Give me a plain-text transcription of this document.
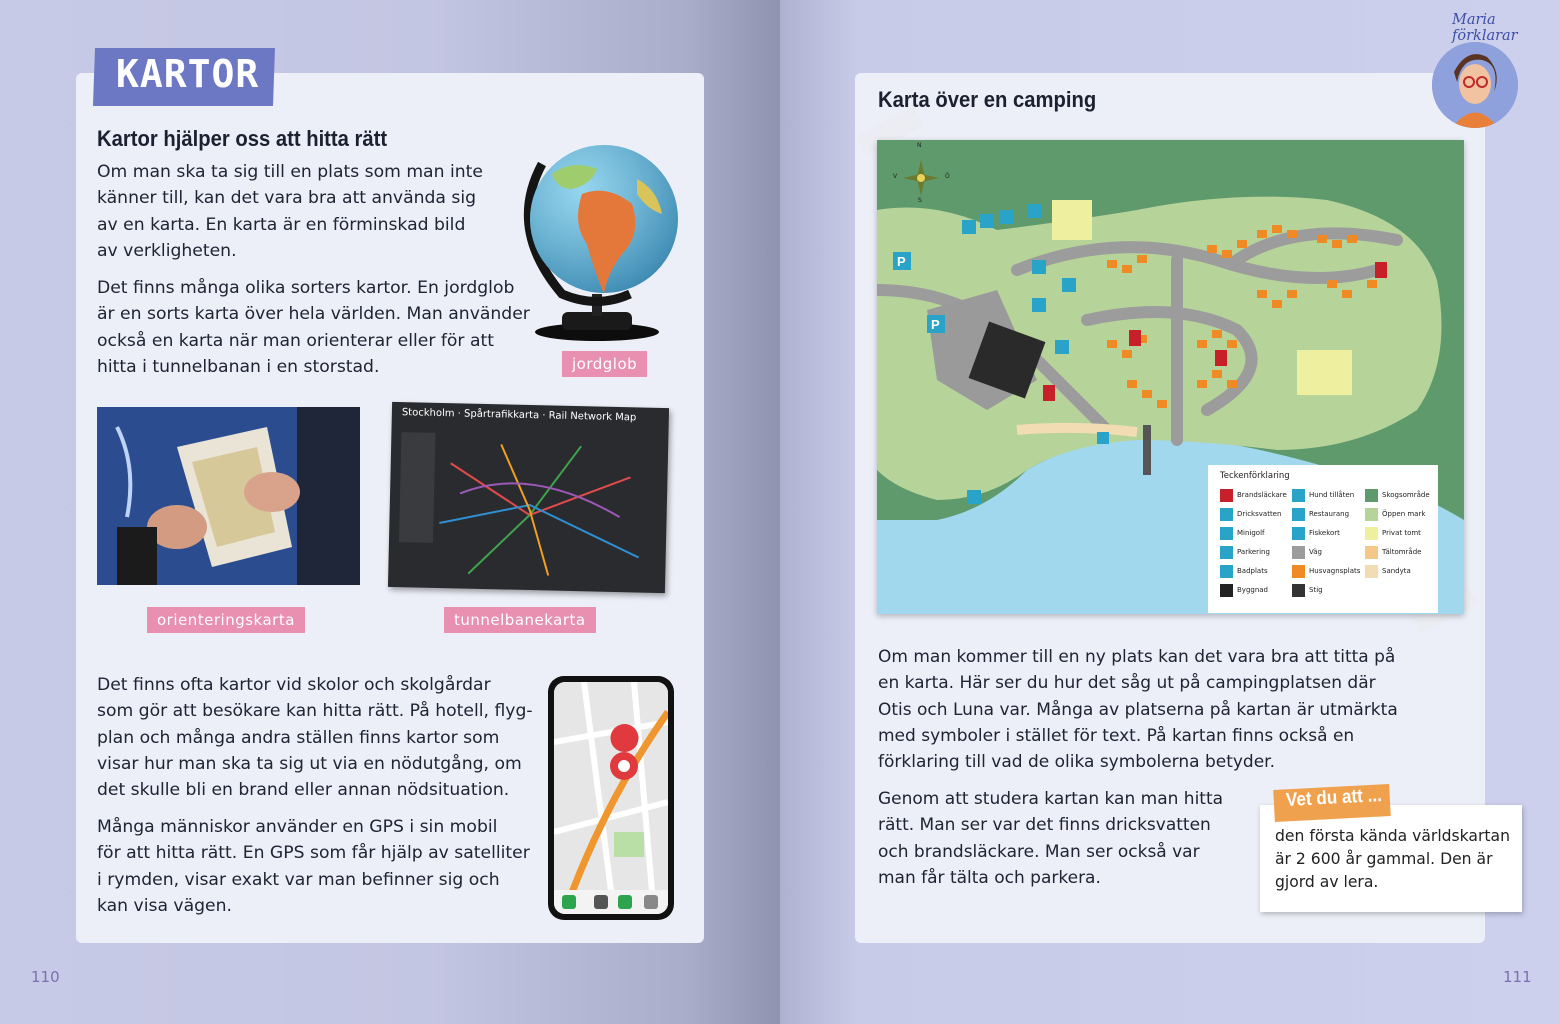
KARTOR
Kartor hjälper oss att hitta rätt
Om man ska ta sig till en plats som man inte
känner till, kan det vara bra att använda sig
av en karta. En karta är en förminskad bild
av verkligheten.
Det finns många olika sorters kartor. En jordglob
är en sorts karta över hela världen. Man använder
också en karta när man orienterar eller för att
hitta i tunnelbanan i en storstad.	jordglob
orienteringskarta
Stockholm · Spårtrafikkarta · Rail Network Map
tunnelbanekarta
Det finns ofta kartor vid skolor och skolgårdar
som gör att besökare kan hitta rätt. På hotell, flyg-
plan och många andra ställen finns kartor som
visar hur man ska ta sig ut via en nödutgång, om
det skulle bli en brand eller annan nödsituation.
Många människor använder en GPS i sin mobil
för att hitta rätt. En GPS som får hjälp av satelliter
i rymden, visar exakt var man befinner sig och
kan visa vägen.
110
Maria förklarar
Karta över en camping
P
P
N
S
V	Ö
Teckenförklaring
Brandsläckare	Hund tillåten	Skogsområde
Dricksvatten	Restaurang	Öppen mark
Minigolf	Fiskekort	Privat tomt
Parkering	Väg	Tältområde
Badplats	Husvagnsplats	Sandyta
Byggnad	Stig
Om man kommer till en ny plats kan det vara bra att titta på
en karta. Här ser du hur det såg ut på campingplatsen där
Otis och Luna var. Många av platserna på kartan är utmärkta
med symboler i stället för text. På kartan finns också en
förklaring till vad de olika symbolerna betyder.
Genom att studera kartan kan man hitta
rätt. Man ser var det finns dricksvatten
och brandsläckare. Man ser också var
man får tälta och parkera.
Vet du att ...
den första kända världskartan
är 2 600 år gammal. Den är
gjord av lera.
111
